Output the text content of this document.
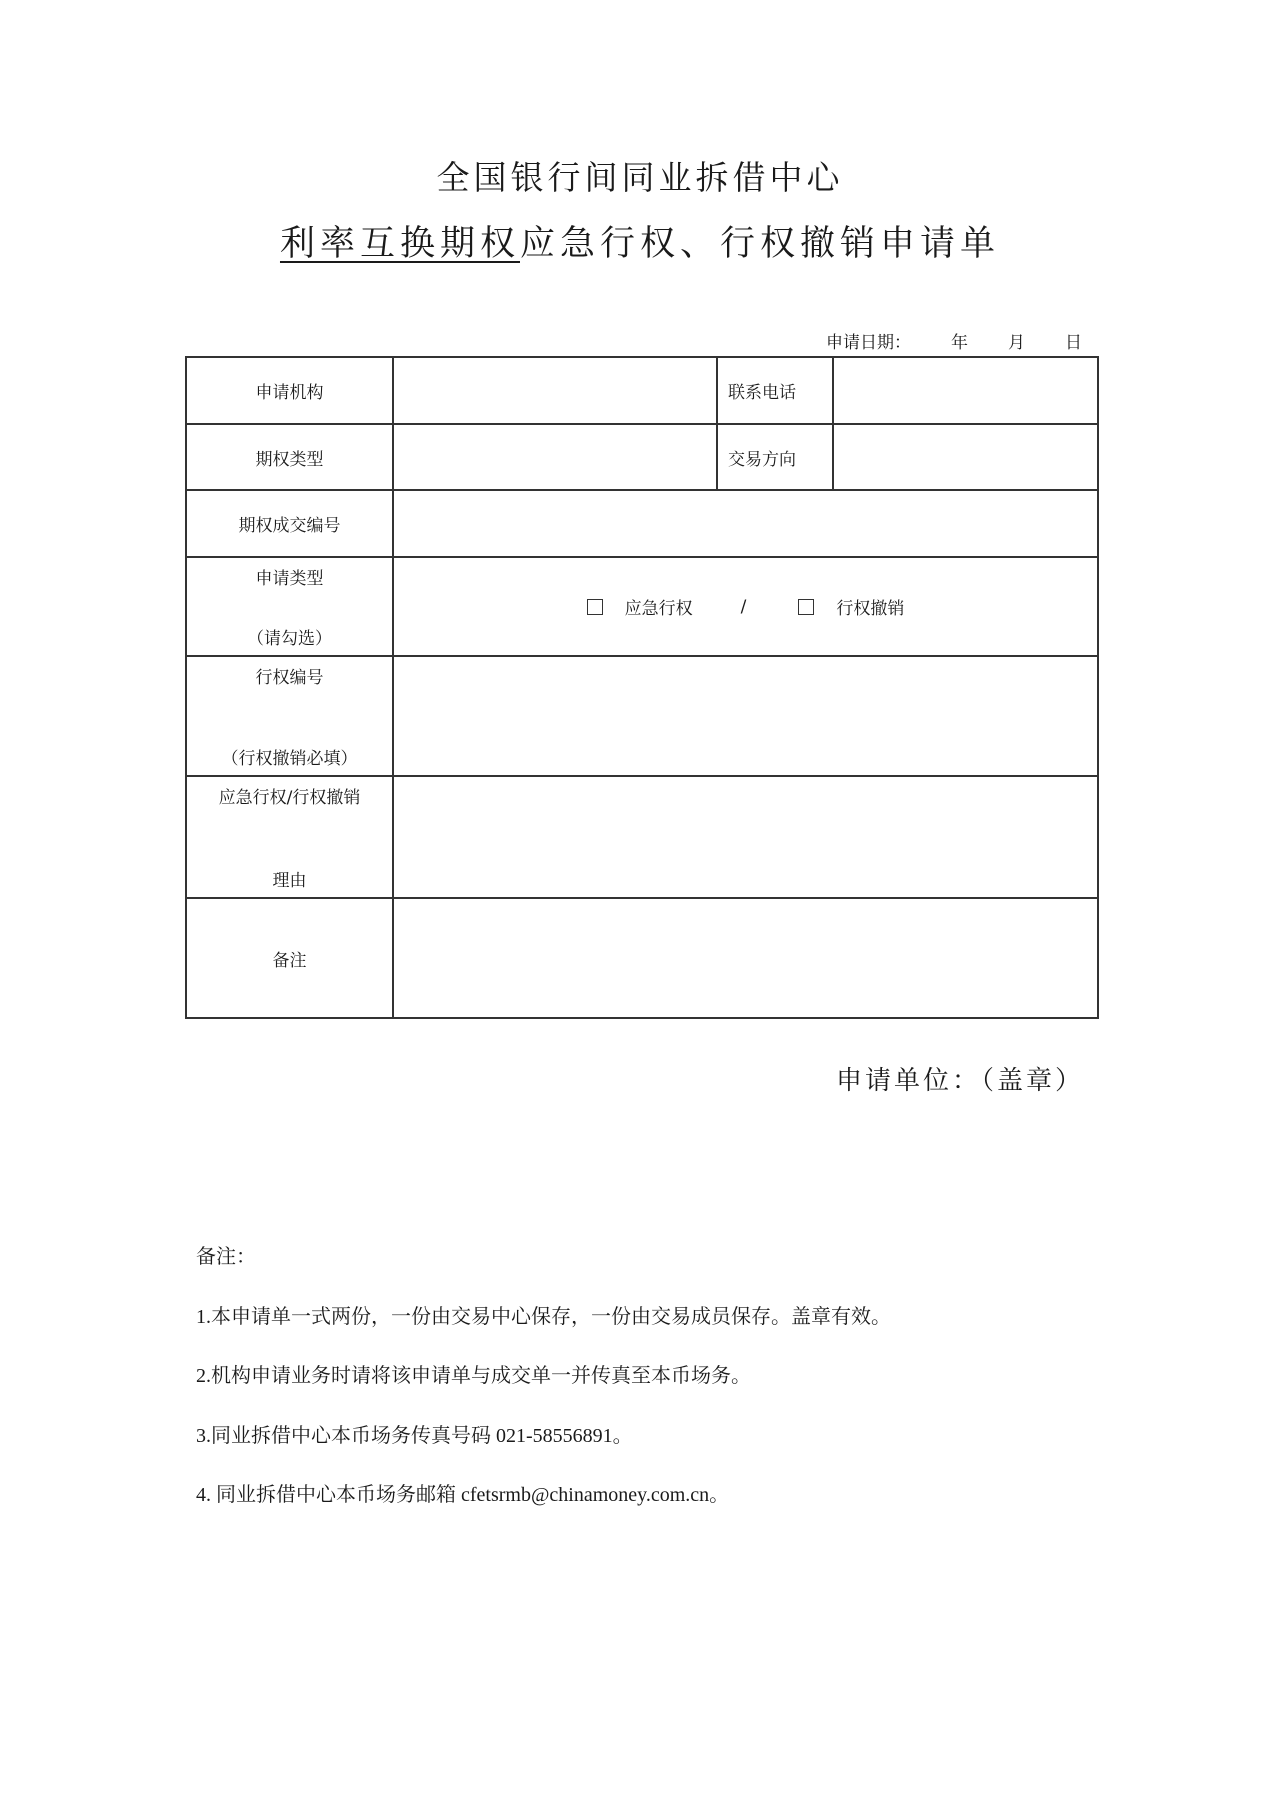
全国银行间同业拆借中心
利率互换期权应急行权、行权撤销申请单
申请日期： 年 月 日
申请机构		联系电话	
期权类型		交易方向	
期权成交编号			

申请类型
（请勾选）	应急行权 / 行权撤销		

行权编号
（行权撤销必填）			

应急行权/行权撤销
理由			

备注			
申请单位：（盖章）
备注：
1.本申请单一式两份，一份由交易中心保存，一份由交易成员保存。盖章有效。
2.机构申请业务时请将该申请单与成交单一并传真至本币场务。
3.同业拆借中心本币场务传真号码 021-58556891。
4. 同业拆借中心本币场务邮箱 cfetsrmb@chinamoney.com.cn。
